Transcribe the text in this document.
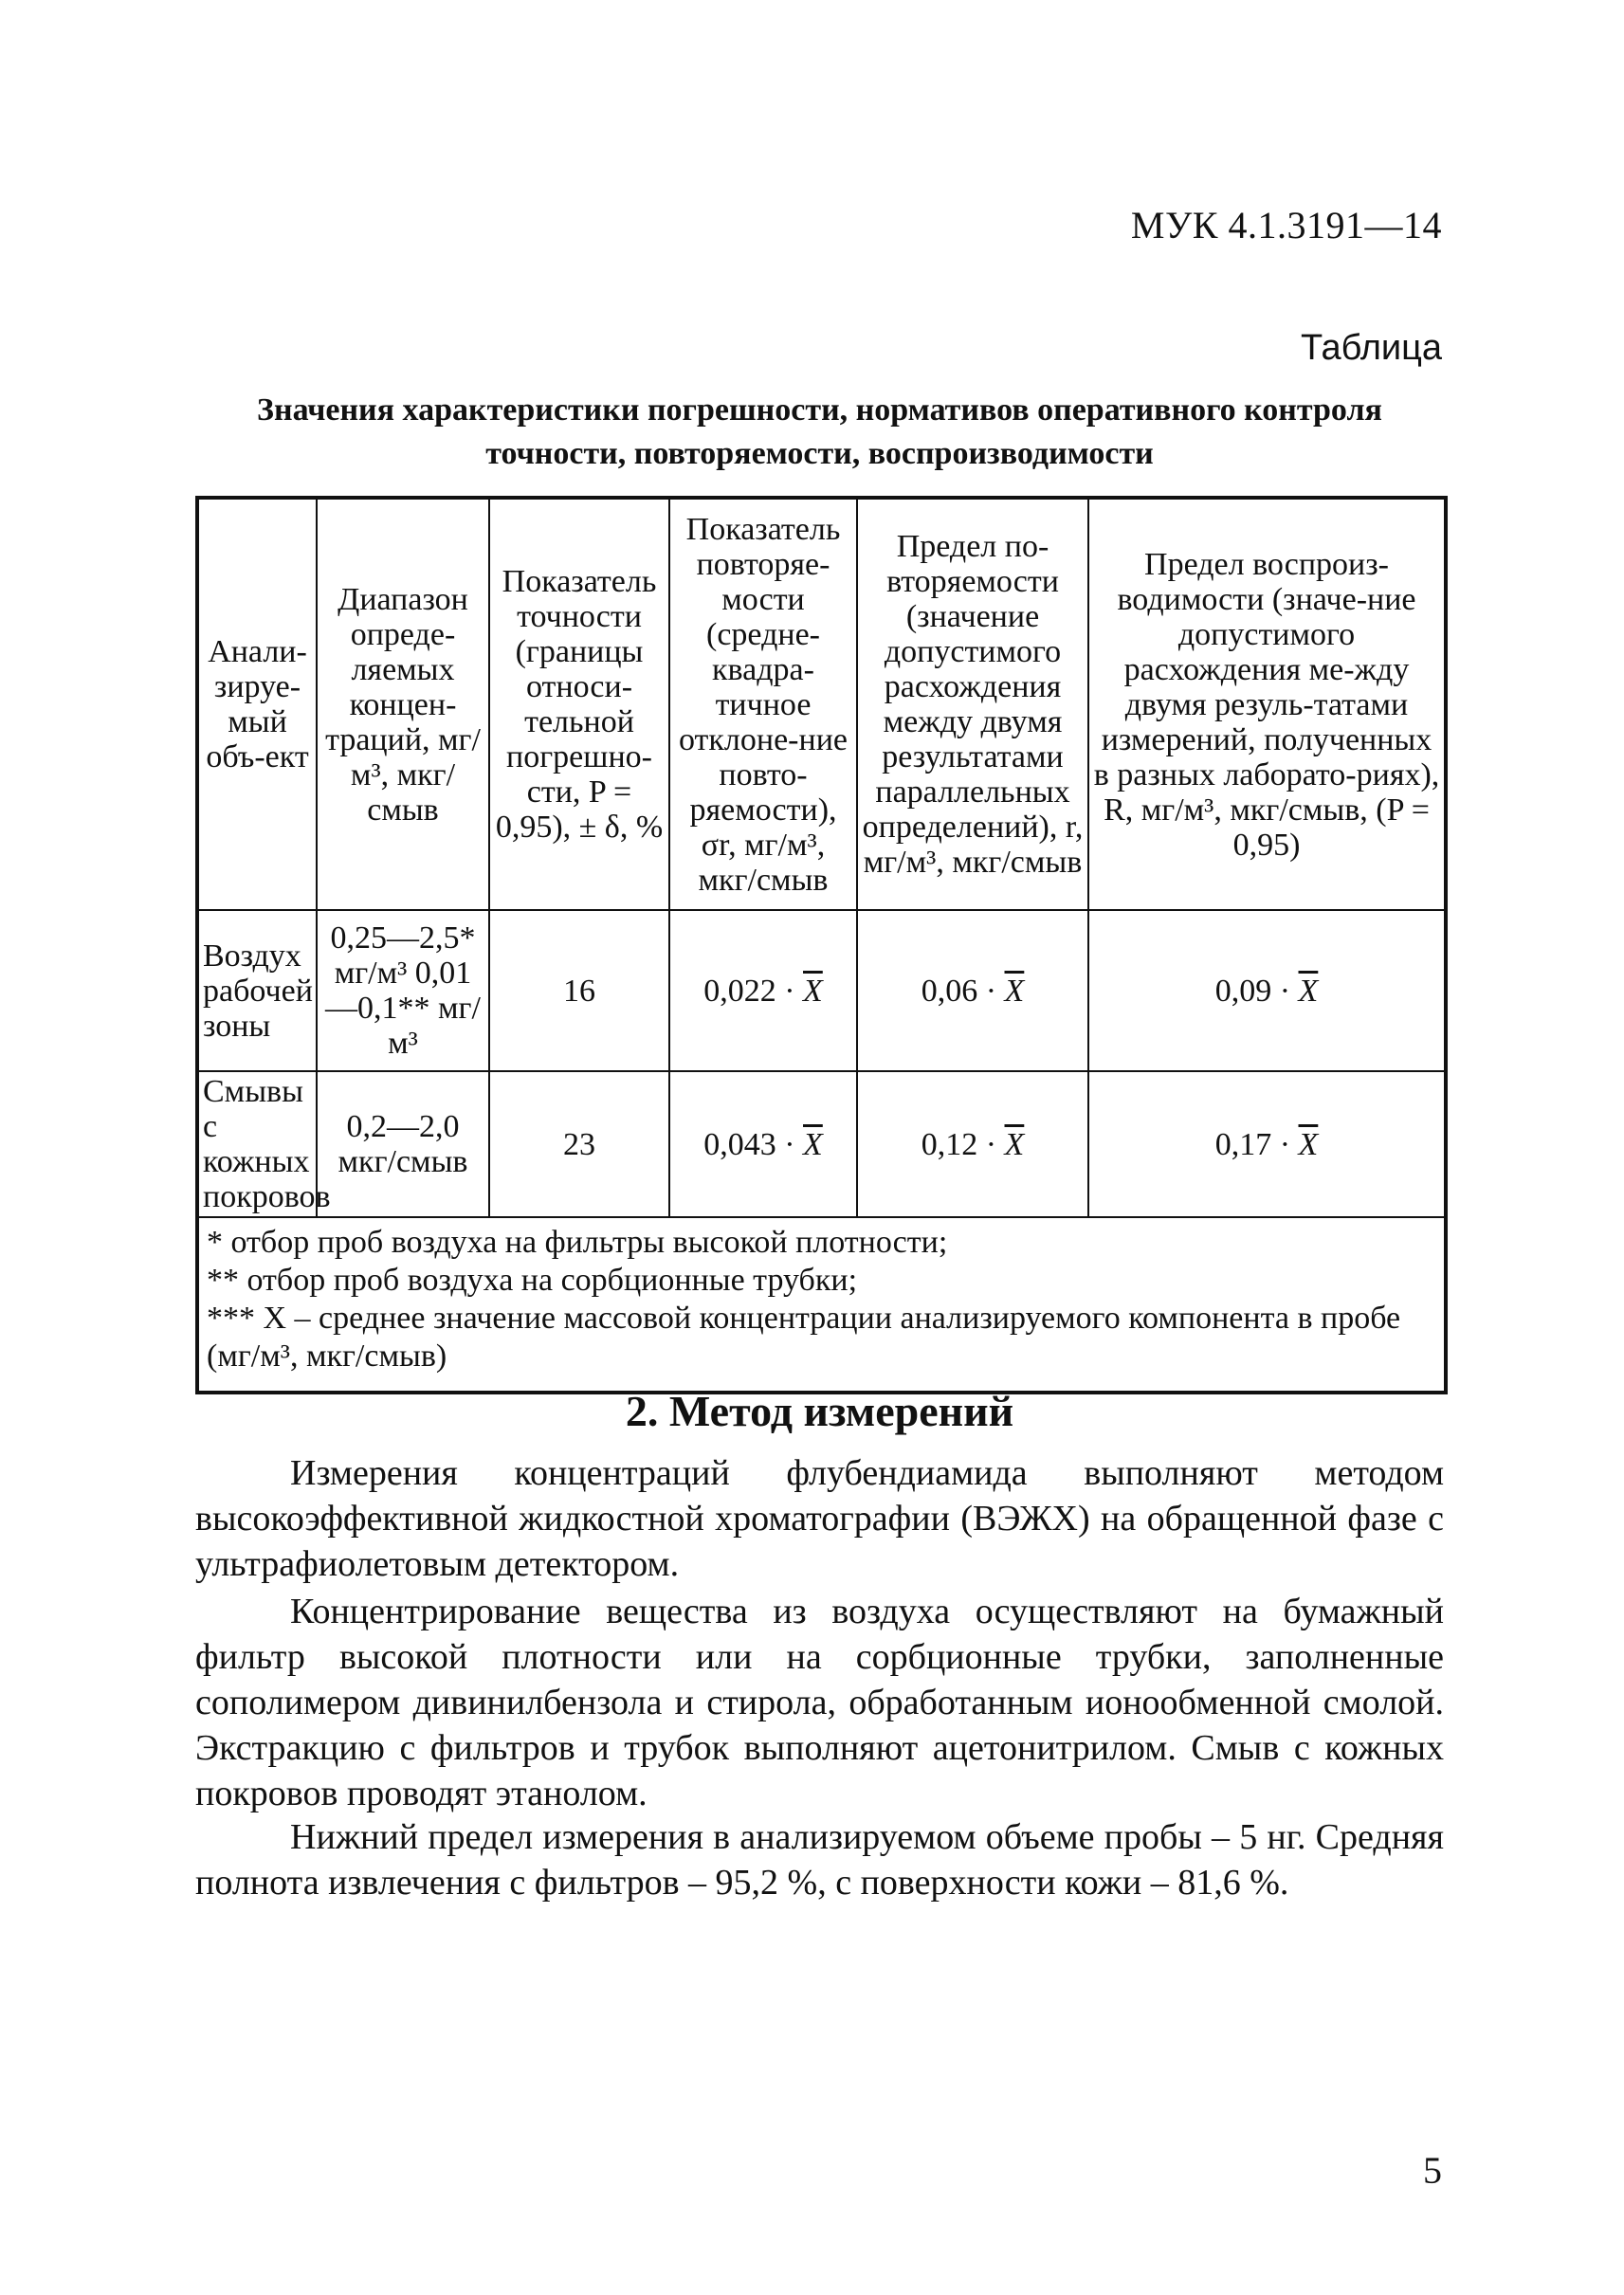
МУК 4.1.3191—14
Таблица
Значения характеристики погрешности, нормативов оперативного контроля точности, повторяемости, воспроизводимости
Анали-зируе-мый объ-ект	Диапазон опреде-ляемых концен-траций, мг/м³, мкг/смыв	Показатель точности (границы относи-тельной погрешно-сти, P = 0,95), ± δ, %	Показатель повторяе-мости (средне-квадра-тичное отклоне-ние повто-ряемости), σr, мг/м³, мкг/смыв	Предел по-вторяемости (значение допустимого расхождения между двумя результатами параллельных определений), r, мг/м³, мкг/смыв	Предел воспроиз-водимости (значе-ние допустимого расхождения ме-жду двумя резуль-татами измерений, полученных в разных лаборато-риях), R, мг/м³, мкг/смыв, (P = 0,95)
Воздух рабочей зоны	0,25—2,5* мг/м³ 0,01—0,1** мг/м³	16	$0,022 \cdot \overline{X}$	$0,06 \cdot \overline{X}$	$0,09 \cdot \overline{X}$
Смывы с кожных покровов	0,2—2,0 мкг/смыв	23	$0,043 \cdot \overline{X}$	$0,12 \cdot \overline{X}$	$0,17 \cdot \overline{X}$

* отбор проб воздуха на фильтры высокой плотности;
** отбор проб воздуха на сорбционные трубки;
*** X – среднее значение массовой концентрации анализируемого компонента в пробе (мг/м³, мкг/смыв)					
2. Метод измерений

Измерения концентраций флубендиамида выполняют методом высокоэффективной жидкостной хроматографии (ВЭЖХ) на обращенной фазе с ультрафиолетовым детектором.

Концентрирование вещества из воздуха осуществляют на бумажный фильтр высокой плотности или на сорбционные трубки, заполненные сополимером дивинилбензола и стирола, обработанным ионообменной смолой. Экстракцию с фильтров и трубок выполняют ацетонитрилом. Смыв с кожных покровов проводят этанолом.

Нижний предел измерения в анализируемом объеме пробы – 5 нг. Средняя полнота извлечения с фильтров – 95,2 %, с поверхности кожи – 81,6 %.

5
